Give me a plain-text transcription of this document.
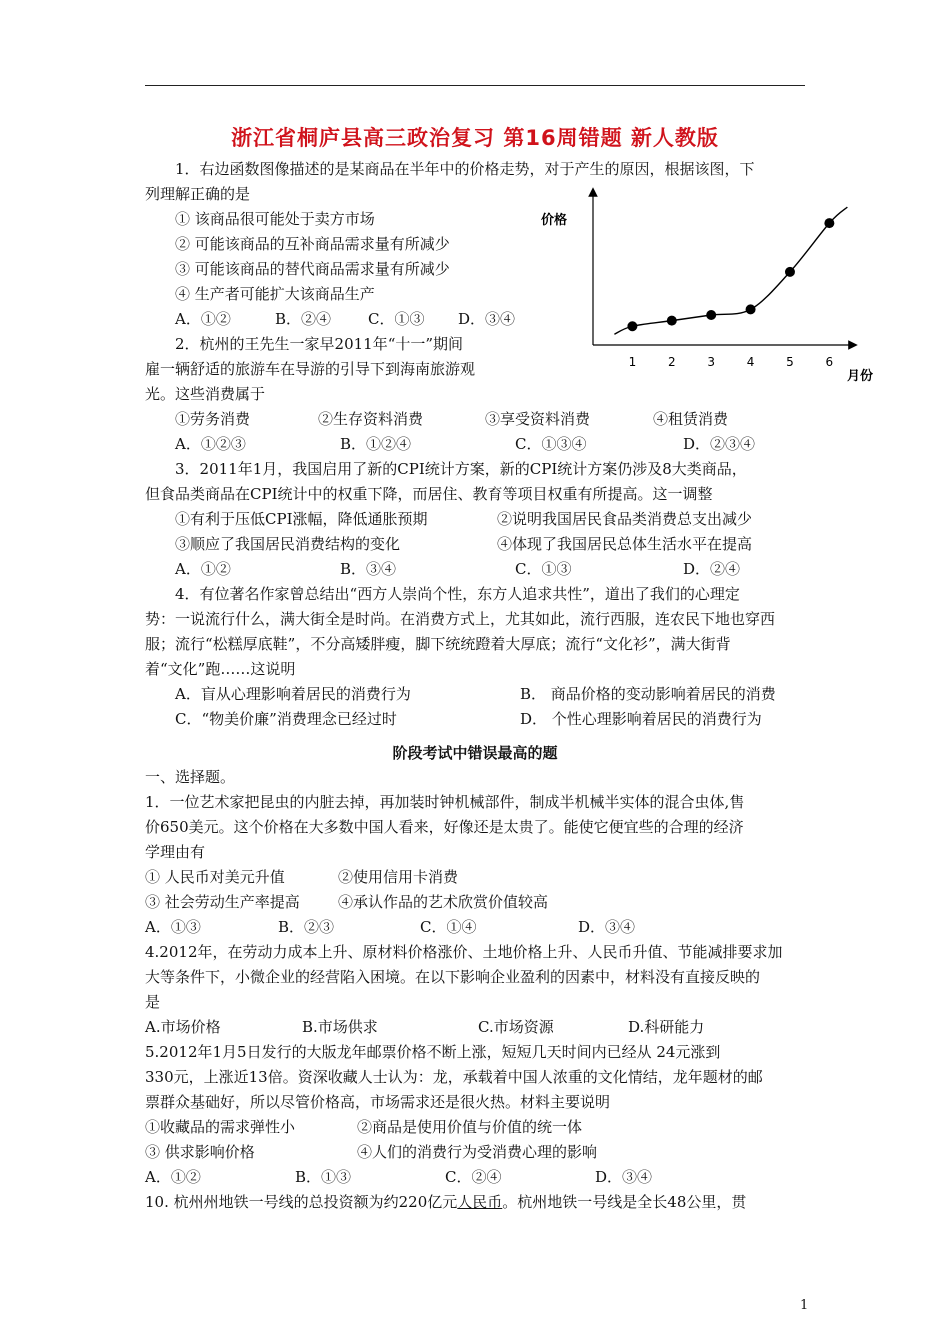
浙江省桐庐县高三政治复习 第16周错题 新人教版
1．右边函数图像描述的是某商品在半年中的价格走势，对于产生的原因，根据该图，下
列理解正确的是
① 该商品很可能处于卖方市场
② 可能该商品的互补商品需求量有所减少
③ 可能该商品的替代商品需求量有所减少
④ 生产者可能扩大该商品生产
A．①②	B．②④ C．①③ D．③④
价格
1	2	3	4	5	6
月份
2．杭州的王先生一家早2011年“十一”期间
雇一辆舒适的旅游车在导游的引导下到海南旅游观
光。这些消费属于
①劳务消费	②生存资料消费	③享受资料消费	④租赁消费
A．①②③	B．①②④	C．①③④	D．②③④
3．2011年1月，我国启用了新的CPI统计方案，新的CPI统计方案仍涉及8大类商品，
但食品类商品在CPI统计中的权重下降，而居住、教育等项目权重有所提高。这一调整
①有利于压低CPI涨幅，降低通胀预期	②说明我国居民食品类消费总支出减少
③顺应了我国居民消费结构的变化	④体现了我国居民总体生活水平在提高
A．①②	B．③④	C．①③	D．②④
4．有位著名作家曾总结出“西方人崇尚个性，东方人追求共性”，道出了我们的心理定
势：一说流行什么，满大街全是时尚。在消费方式上，尤其如此，流行西服，连农民下地也穿西
服；流行“松糕厚底鞋”，不分高矮胖瘦，脚下统统蹬着大厚底；流行“文化衫”，满大街背
着“文化”跑……这说明
A．盲从心理影响着居民的消费行为	B． 商品价格的变动影响着居民的消费
C．“物美价廉”消费理念已经过时	D． 个性心理影响着居民的消费行为
阶段考试中错误最高的题
一、选择题。
1．一位艺术家把昆虫的内脏去掉，再加装时钟机械部件，制成半机械半实体的混合虫体,售
价650美元。这个价格在大多数中国人看来，好像还是太贵了。能使它便宜些的合理的经济
学理由有
① 人民币对美元升值	②使用信用卡消费
③ 社会劳动生产率提高	④承认作品的艺术欣赏价值较高
A．①③	B．②③	C．①④	D．③④
4.2012年，在劳动力成本上升、原材料价格涨价、土地价格上升、人民币升值、节能减排要求加
大等条件下，小微企业的经营陷入困境。在以下影响企业盈利的因素中，材料没有直接反映的
是
A.市场价格	B.市场供求	C.市场资源	D.科研能力
5.2012年1月5日发行的大版龙年邮票价格不断上涨，短短几天时间内已经从 24元涨到
330元，上涨近13倍。资深收藏人士认为：龙，承载着中国人浓重的文化情结，龙年题材的邮
票群众基础好，所以尽管价格高，市场需求还是很火热。材料主要说明
①收藏品的需求弹性小	②商品是使用价值与价值的统一体
③ 供求影响价格	④人们的消费行为受消费心理的影响
A．①②	B．①③	C．②④	D．③④
10. 杭州州地铁一号线的总投资额为约220亿元人民币。杭州地铁一号线是全长48公里，贯
1
